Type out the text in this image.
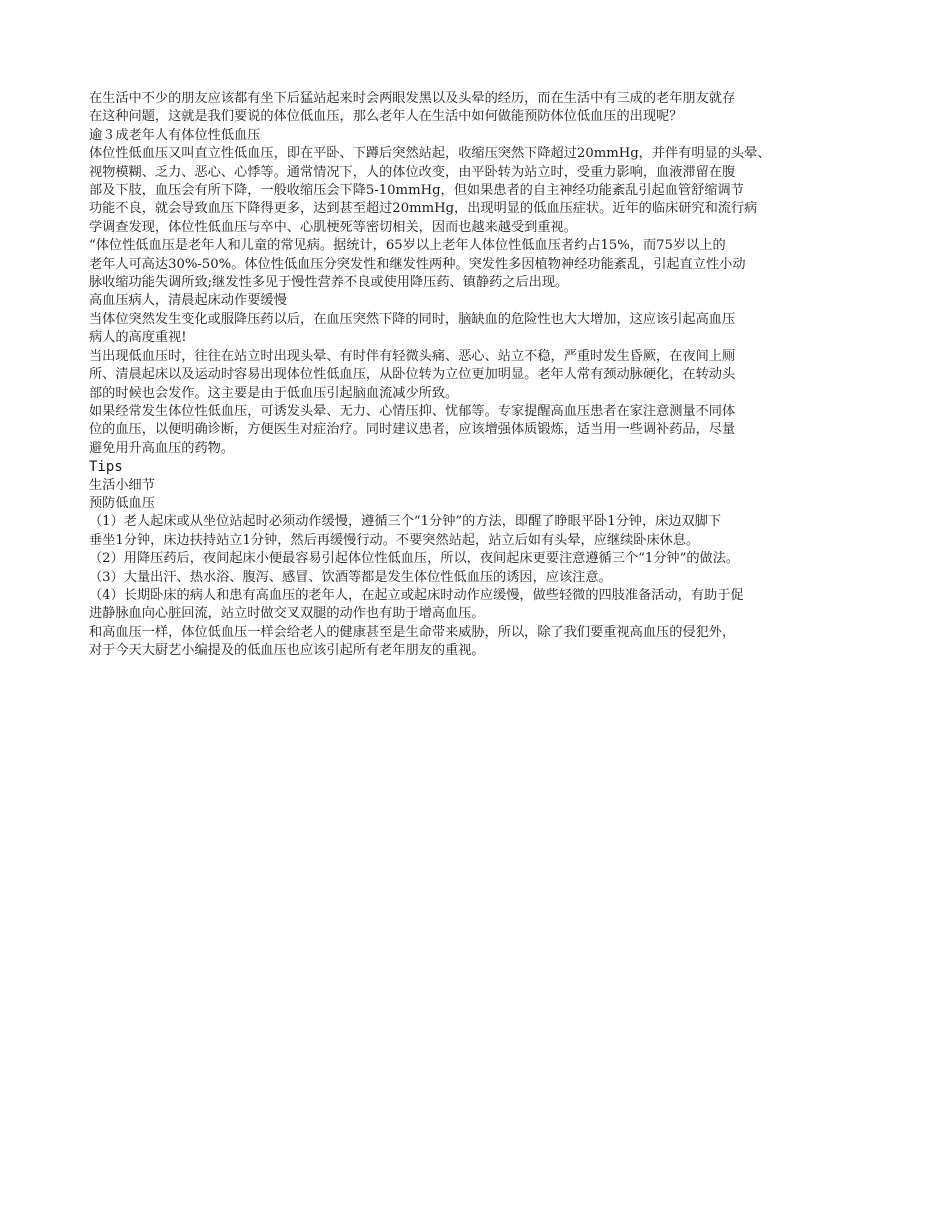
在生活中不少的朋友应该都有坐下后猛站起来时会两眼发黑以及头晕的经历，而在生活中有三成的老年朋友就存
在这种问题，这就是我们要说的体位低血压，那么老年人在生活中如何做能预防体位低血压的出现呢？

逾３成老年人有体位性低血压

体位性低血压又叫直立性低血压，即在平卧、下蹲后突然站起，收缩压突然下降超过20mmHg，并伴有明显的头晕、
视物模糊、乏力、恶心、心悸等。通常情况下，人的体位改变，由平卧转为站立时，受重力影响，血液滞留在腹
部及下肢，血压会有所下降，一般收缩压会下降5-10mmHg，但如果患者的自主神经功能紊乱引起血管舒缩调节
功能不良，就会导致血压下降得更多，达到甚至超过20mmHg，出现明显的低血压症状。近年的临床研究和流行病
学调查发现，体位性低血压与卒中、心肌梗死等密切相关，因而也越来越受到重视。

“体位性低血压是老年人和儿童的常见病。据统计，65岁以上老年人体位性低血压者约占15%，而75岁以上的
老年人可高达30%-50%。体位性低血压分突发性和继发性两种。突发性多因植物神经功能紊乱，引起直立性小动
脉收缩功能失调所致;继发性多见于慢性营养不良或使用降压药、镇静药之后出现。

高血压病人，清晨起床动作要缓慢

当体位突然发生变化或服降压药以后，在血压突然下降的同时，脑缺血的危险性也大大增加，这应该引起高血压
病人的高度重视!

当出现低血压时，往往在站立时出现头晕、有时伴有轻微头痛、恶心、站立不稳，严重时发生昏厥，在夜间上厕
所、清晨起床以及运动时容易出现体位性低血压，从卧位转为立位更加明显。老年人常有颈动脉硬化，在转动头
部的时候也会发作。这主要是由于低血压引起脑血流减少所致。

如果经常发生体位性低血压，可诱发头晕、无力、心情压抑、忧郁等。专家提醒高血压患者在家注意测量不同体
位的血压，以便明确诊断，方便医生对症治疗。同时建议患者，应该增强体质锻炼，适当用一些调补药品，尽量
避免用升高血压的药物。

Tips

生活小细节

预防低血压

（1）老人起床或从坐位站起时必须动作缓慢，遵循三个“1分钟”的方法，即醒了睁眼平卧1分钟，床边双脚下
垂坐1分钟，床边扶持站立1分钟，然后再缓慢行动。不要突然站起，站立后如有头晕，应继续卧床休息。

（2）用降压药后，夜间起床小便最容易引起体位性低血压，所以，夜间起床更要注意遵循三个“1分钟”的做法。

（3）大量出汗、热水浴、腹泻、感冒、饮酒等都是发生体位性低血压的诱因，应该注意。

（4）长期卧床的病人和患有高血压的老年人，在起立或起床时动作应缓慢，做些轻微的四肢准备活动，有助于促
进静脉血向心脏回流，站立时做交叉双腿的动作也有助于增高血压。

和高血压一样，体位低血压一样会给老人的健康甚至是生命带来威胁，所以，除了我们要重视高血压的侵犯外，
对于今天大厨艺小编提及的低血压也应该引起所有老年朋友的重视。
